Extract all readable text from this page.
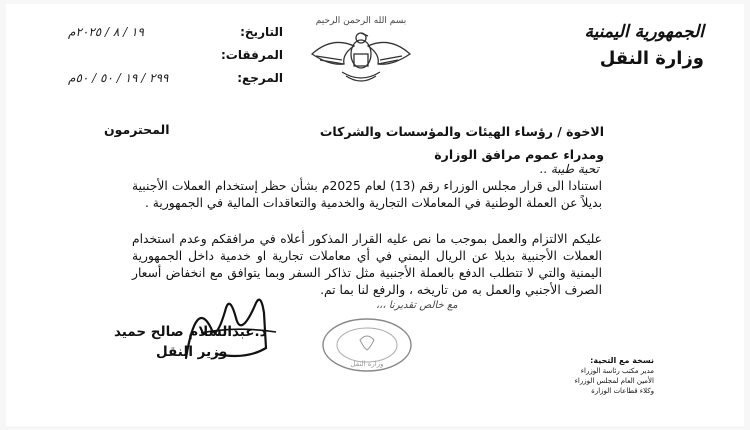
الجمهورية اليمنية
وزارة النقل
بسم الله الرحمن الرحيم
التاريخ:
١٩ / ٨ / ٢٠٢٥م
المرفقات:
المرجع:
٢٩٩ / ١٩ / ٥٠ / ٥٠م
الاخوة / رؤساء الهيئات والمؤسسات والشركات
ومدراء عموم مرافق الوزارة
المحترمون
تحية طيبة ..
استنادا الى قرار مجلس الوزراء رقم (13) لعام 2025م بشأن حظر إستخدام العملات الأجنبية بديلاً عن العملة الوطنية في المعاملات التجارية والخدمية والتعاقدات المالية في الجمهورية .
عليكم الالتزام والعمل بموجب ما نص عليه القرار المذكور أعلاه في مرافقكم وعدم استخدام العملات الأجنبية بديلا عن الريال اليمني في أي معاملات تجارية او خدمية داخل الجمهورية اليمنية والتي لا تتطلب الدفع بالعملة الأجنبية مثل تذاكر السفر وبما يتوافق مع انخفاض أسعار الصرف الأجنبي والعمل به من تاريخه ، والرفع لنا بما تم.
مع خالص تقديرنا ،،،
د.عبدالسلام صالح حميد
وزير النقل
وزارة النقل	نسخة مع التحية:
مدير مكتب رئاسة الوزراء
الأمين العام لمجلس الوزراء
وكلاء قطاعات الوزارة
